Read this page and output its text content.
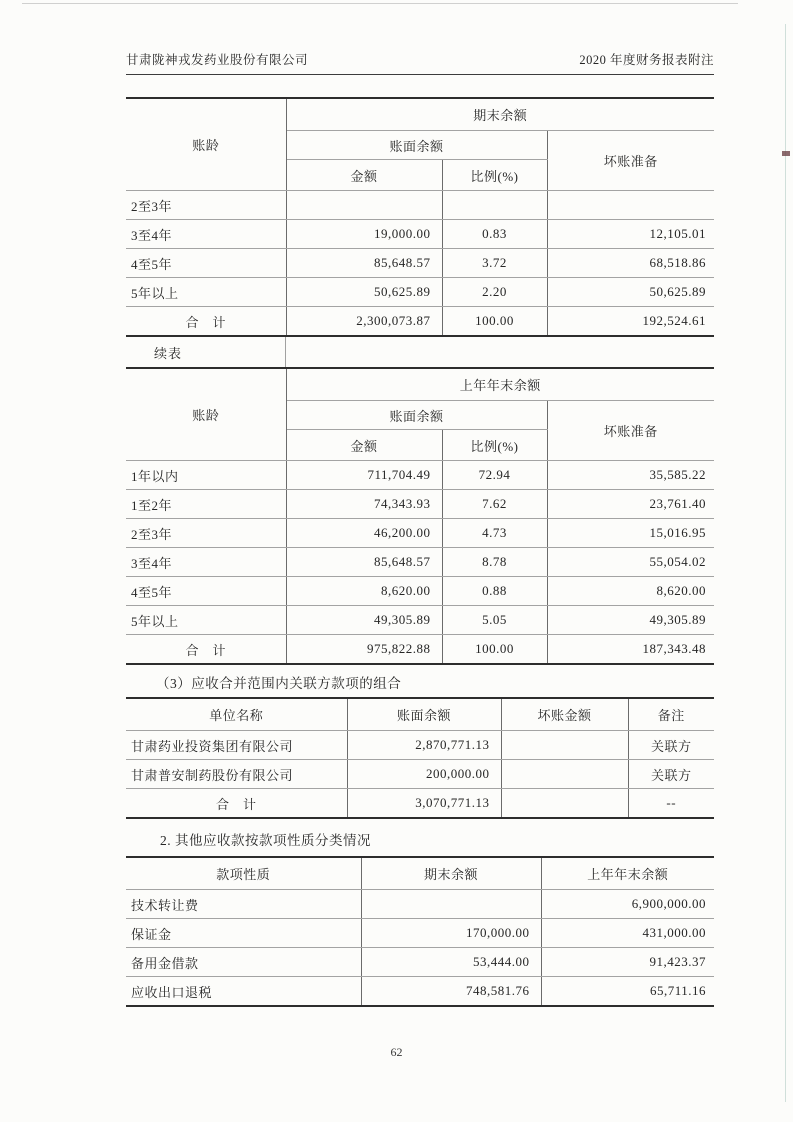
甘肃陇神戎发药业股份有限公司	2020 年度财务报表附注
账龄	期末余额		
	账面余额		坏账准备
	金额	比例(%)	
2至3年			
3至4年	19,000.00	0.83	12,105.01
4至5年	85,648.57	3.72	68,518.86
5年以上	50,625.89	2.20	50,625.89
合　计	2,300,073.87	100.00	192,524.61
续表
账龄	上年年末余额		
	账面余额		坏账准备
	金额	比例(%)	
1年以内	711,704.49	72.94	35,585.22
1至2年	74,343.93	7.62	23,761.40
2至3年	46,200.00	4.73	15,016.95
3至4年	85,648.57	8.78	55,054.02
4至5年	8,620.00	0.88	8,620.00
5年以上	49,305.89	5.05	49,305.89
合　计	975,822.88	100.00	187,343.48
（3）应收合并范围内关联方款项的组合
单位名称	账面余额	坏账金额	备注
甘肃药业投资集团有限公司	2,870,771.13		关联方
甘肃普安制药股份有限公司	200,000.00		关联方
合　计	3,070,771.13		--
2. 其他应收款按款项性质分类情况
款项性质	期末余额	上年年末余额
技术转让费		6,900,000.00
保证金	170,000.00	431,000.00
备用金借款	53,444.00	91,423.37
应收出口退税	748,581.76	65,711.16
62
